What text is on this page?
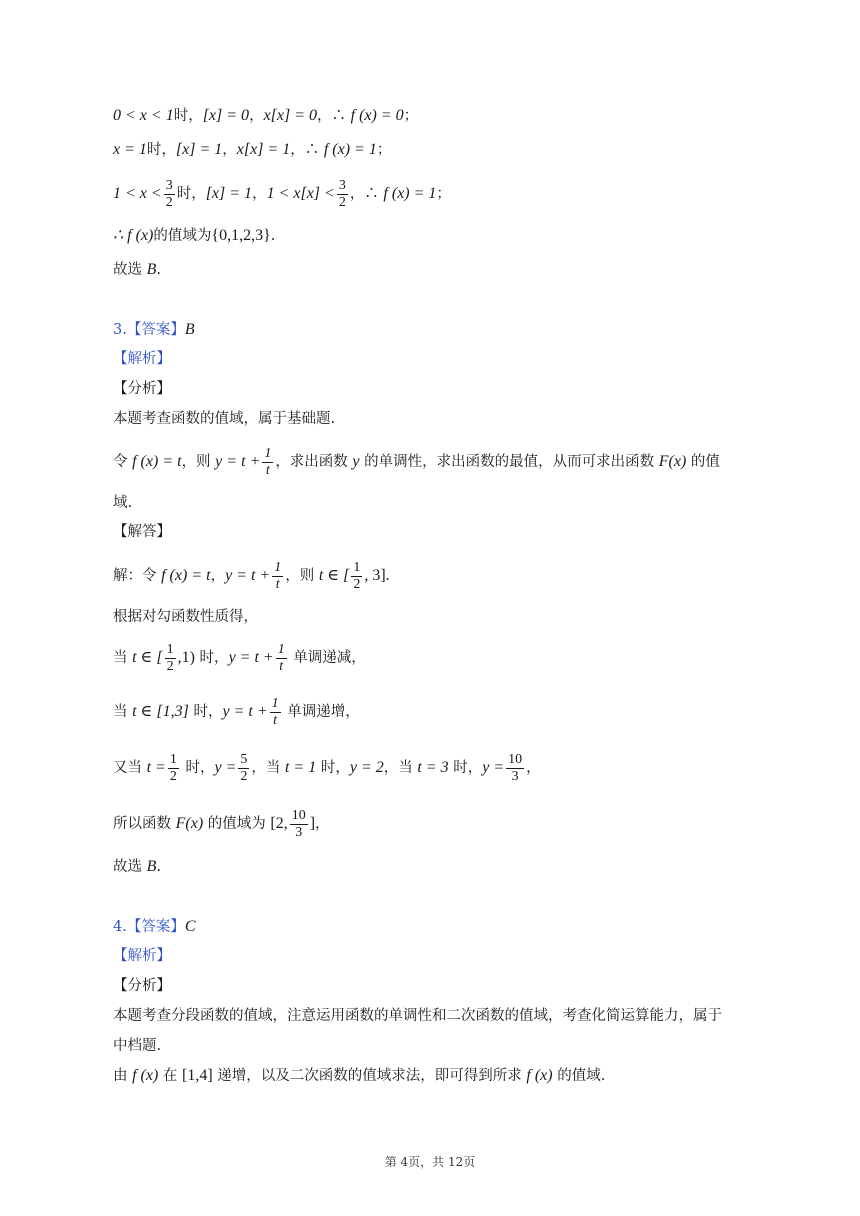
0 < x < 1时，[x] = 0，x[x] = 0，∴ f (x) = 0；
x = 1时，[x] = 1，x[x] = 1，∴ f (x) = 1；
$1 < x < \frac{3}{2}$ 时，[x] = 1，$1 < x[x] < \frac{3}{2}$ ，∴ f (x) = 1；
∴ f (x)的值域为{0,1,2,3}.
故选 B.
3.【答案】B
【解析】
【分析】
本题考查函数的值域，属于基础题.
令 f (x) = t，则 $y = t + \frac{1}{t}$ ，求出函数 y 的单调性，求出函数的最值，从而可求出函数 F(x) 的值
域.
【解答】
解：令 f (x) = t，$y = t + \frac{1}{t}$ ，则 t ∈ [ $\frac{1}{2}$ , 3].
根据对勾函数性质得，
当 t ∈ [ $\frac{1}{2} ,1$) 时，$y = t + \frac{1}{t}$ 单调递减，
当 t ∈ [1,3] 时，$y = t + \frac{1}{t}$ 单调递增，
又当 $t = \frac{1}{2}$ 时，$y = \frac{5}{2}$ ，当 t = 1 时，y = 2，当 t = 3 时，$y = \frac{10}{3}$ ，
所以函数 F(x) 的值域为 [2, $\frac{10}{3}$ ]，
故选 B.
4.【答案】C
【解析】
【分析】
本题考查分段函数的值域，注意运用函数的单调性和二次函数的值域，考查化简运算能力，属于
中档题.
由 f (x) 在 [1,4] 递增，以及二次函数的值域求法，即可得到所求 f (x) 的值域.
第 4页，共 12页
